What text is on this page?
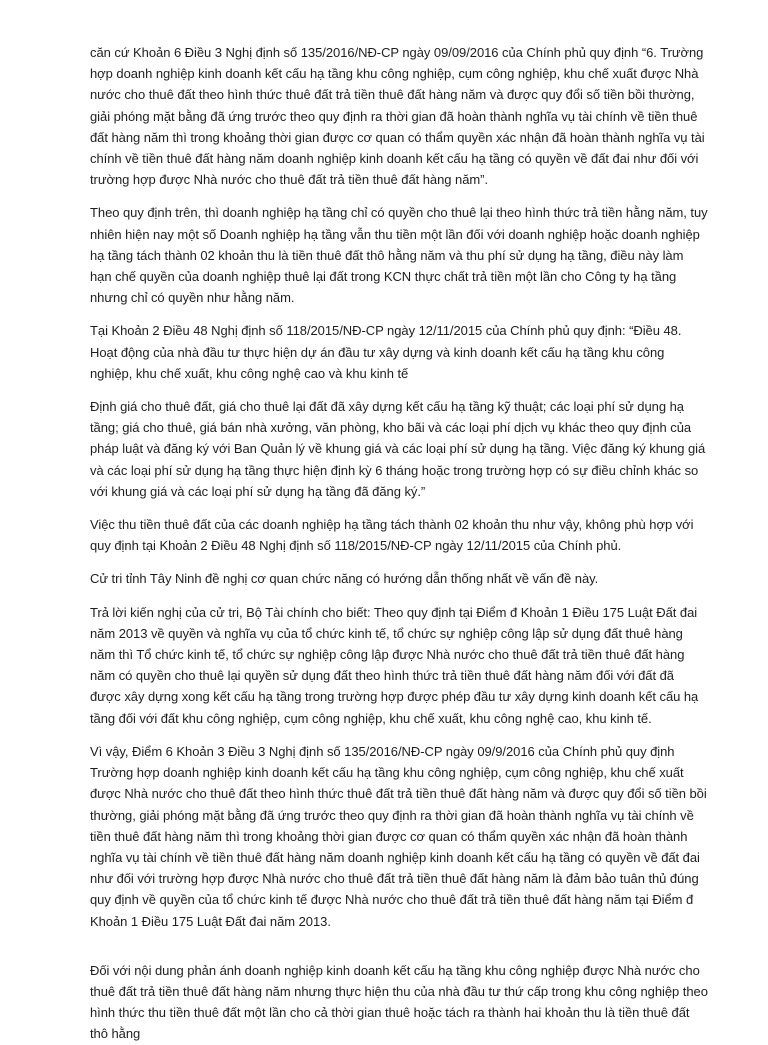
căn cứ Khoản 6 Điều 3 Nghị định số 135/2016/NĐ-CP ngày 09/09/2016 của Chính phủ quy định “6. Trường hợp doanh nghiệp kinh doanh kết cấu hạ tầng khu công nghiệp, cụm công nghiệp, khu chế xuất được Nhà nước cho thuê đất theo hình thức thuê đất trả tiền thuê đất hàng năm và được quy đổi số tiền bồi thường, giải phóng mặt bằng đã ứng trước theo quy định ra thời gian đã hoàn thành nghĩa vụ tài chính về tiền thuê đất hàng năm thì trong khoảng thời gian được cơ quan có thẩm quyền xác nhận đã hoàn thành nghĩa vụ tài chính về tiền thuê đất hàng năm doanh nghiệp kinh doanh kết cấu hạ tầng có quyền về đất đai như đối với trường hợp được Nhà nước cho thuê đất trả tiền thuê đất hàng năm”.

Theo quy định trên, thì doanh nghiệp hạ tầng chỉ có quyền cho thuê lại theo hình thức trả tiền hằng năm, tuy nhiên hiện nay một số Doanh nghiệp hạ tầng vẫn thu tiền một lần đối với doanh nghiệp hoặc doanh nghiệp hạ tầng tách thành 02 khoản thu là tiền thuê đất thô hằng năm và thu phí sử dụng hạ tầng, điều này làm hạn chế quyền của doanh nghiệp thuê lại đất trong KCN thực chất trả tiền một lần cho Công ty hạ tầng nhưng chỉ có quyền như hằng năm.

Tại Khoản 2 Điều 48 Nghị định số 118/2015/NĐ-CP ngày 12/11/2015 của Chính phủ quy định: “Điều 48. Hoạt động của nhà đầu tư thực hiện dự án đầu tư xây dựng và kinh doanh kết cấu hạ tầng khu công nghiệp, khu chế xuất, khu công nghệ cao và khu kinh tế

Định giá cho thuê đất, giá cho thuê lại đất đã xây dựng kết cấu hạ tầng kỹ thuật; các loại phí sử dụng hạ tầng; giá cho thuê, giá bán nhà xưởng, văn phòng, kho bãi và các loại phí dịch vụ khác theo quy định của pháp luật và đăng ký với Ban Quản lý về khung giá và các loại phí sử dụng hạ tầng. Việc đăng ký khung giá và các loại phí sử dụng hạ tầng thực hiện định kỳ 6 tháng hoặc trong trường hợp có sự điều chỉnh khác so với khung giá và các loại phí sử dụng hạ tầng đã đăng ký.”

Việc thu tiền thuê đất của các doanh nghiệp hạ tầng tách thành 02 khoản thu như vậy, không phù hợp với quy định tại Khoản 2 Điều 48 Nghị định số 118/2015/NĐ-CP ngày 12/11/2015 của Chính phủ.

Cử tri tỉnh Tây Ninh đề nghị cơ quan chức năng có hướng dẫn thống nhất về vấn đề này.

Trả lời kiến nghị của cử tri, Bộ Tài chính cho biết: Theo quy định tại Điểm đ Khoản 1 Điều 175 Luật Đất đai năm 2013 về quyền và nghĩa vụ của tổ chức kinh tế, tổ chức sự nghiệp công lập sử dụng đất thuê hàng năm thì Tổ chức kinh tế, tổ chức sự nghiệp công lập được Nhà nước cho thuê đất trả tiền thuê đất hàng năm có quyền cho thuê lại quyền sử dụng đất theo hình thức trả tiền thuê đất hàng năm đối với đất đã được xây dựng xong kết cấu hạ tầng trong trường hợp được phép đầu tư xây dựng kinh doanh kết cấu hạ tầng đối với đất khu công nghiệp, cụm công nghiệp, khu chế xuất, khu công nghệ cao, khu kinh tế.

Vì vậy, Điểm 6 Khoản 3 Điều 3 Nghị định số 135/2016/NĐ-CP ngày 09/9/2016 của Chính phủ quy định Trường hợp doanh nghiệp kinh doanh kết cấu hạ tầng khu công nghiệp, cụm công nghiệp, khu chế xuất được Nhà nước cho thuê đất theo hình thức thuê đất trả tiền thuê đất hàng năm và được quy đổi số tiền bồi thường, giải phóng mặt bằng đã ứng trước theo quy định ra thời gian đã hoàn thành nghĩa vụ tài chính về tiền thuê đất hàng năm thì trong khoảng thời gian được cơ quan có thẩm quyền xác nhận đã hoàn thành nghĩa vụ tài chính về tiền thuê đất hàng năm doanh nghiệp kinh doanh kết cấu hạ tầng có quyền về đất đai như đối với trường hợp được Nhà nước cho thuê đất trả tiền thuê đất hàng năm là đảm bảo tuân thủ đúng quy định về quyền của tổ chức kinh tế được Nhà nước cho thuê đất trả tiền thuê đất hàng năm tại Điểm đ Khoản 1 Điều 175 Luật Đất đai năm 2013.

Đối với nội dung phản ánh doanh nghiệp kinh doanh kết cấu hạ tầng khu công nghiệp được Nhà nước cho thuê đất trả tiền thuê đất hàng năm nhưng thực hiện thu của nhà đầu tư thứ cấp trong khu công nghiệp theo hình thức thu tiền thuê đất một lần cho cả thời gian thuê hoặc tách ra thành hai khoản thu là tiền thuê đất thô hằng
